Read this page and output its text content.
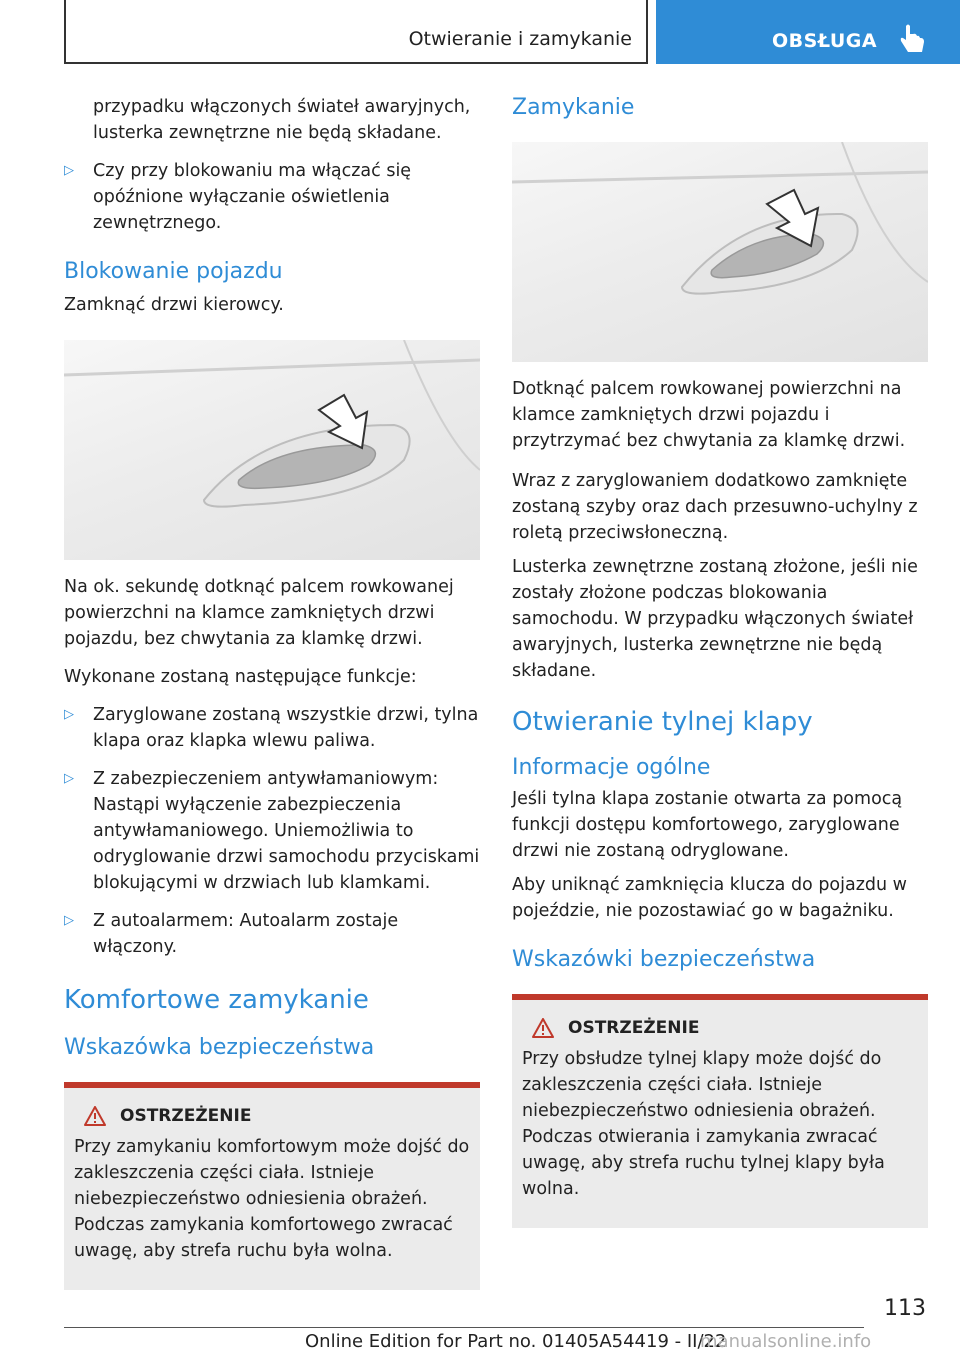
Otwieranie i zamykanie	OBSŁUGA

przypadku włączonych świateł awaryjnych, lusterka zewnętrzne nie będą składane.

▷ Czy przy blokowaniu ma włączać się opóźnione wyłączanie oświetlenia zewnętrznego.
Blokowanie pojazdu

Zamknąć drzwi kierowcy.

Na ok. sekundę dotknąć palcem rowkowanej powierzchni na klamce zamkniętych drzwi pojazdu, bez chwytania za klamkę drzwi.

Wykonane zostaną następujące funkcje:

▷ Zaryglowane zostaną wszystkie drzwi, tylna klapa oraz klapka wlewu paliwa.
▷ Z zabezpieczeniem antywłamaniowym: Nastąpi wyłączenie zabezpieczenia antywłamaniowego. Uniemożliwia to odryglowanie drzwi samochodu przyciskami blokującymi w drzwiach lub klamkami.
▷ Z autoalarmem: Autoalarm zostaje włączony.
Komfortowe zamykanie
Wskazówka bezpieczeństwa
OSTRZEŻENIE

Przy zamykaniu komfortowym może dojść do zakleszczenia części ciała. Istnieje niebezpieczeństwo odniesienia obrażeń. Podczas zamykania komfortowego zwracać uwagę, aby strefa ruchu była wolna.

Zamykanie

Dotknąć palcem rowkowanej powierzchni na klamce zamkniętych drzwi pojazdu i przytrzymać bez chwytania za klamkę drzwi.

Wraz z zaryglowaniem dodatkowo zamknięte zostaną szyby oraz dach przesuwno-uchylny z roletą przeciwsłoneczną.

Lusterka zewnętrzne zostaną złożone, jeśli nie zostały złożone podczas blokowania samochodu. W przypadku włączonych świateł awaryjnych, lusterka zewnętrzne nie będą składane.

Otwieranie tylnej klapy
Informacje ogólne

Jeśli tylna klapa zostanie otwarta za pomocą funkcji dostępu komfortowego, zaryglowane drzwi nie zostaną odryglowane.

Aby uniknąć zamknięcia klucza do pojazdu w pojeździe, nie pozostawiać go w bagażniku.

Wskazówki bezpieczeństwa
OSTRZEŻENIE

Przy obsłudze tylnej klapy może dojść do zakleszczenia części ciała. Istnieje niebezpieczeństwo odniesienia obrażeń. Podczas otwierania i zamykania zwracać uwagę, aby strefa ruchu tylnej klapy była wolna.

113
Online Edition for Part no. 01405A54419 - II/22
manualsonline.info
